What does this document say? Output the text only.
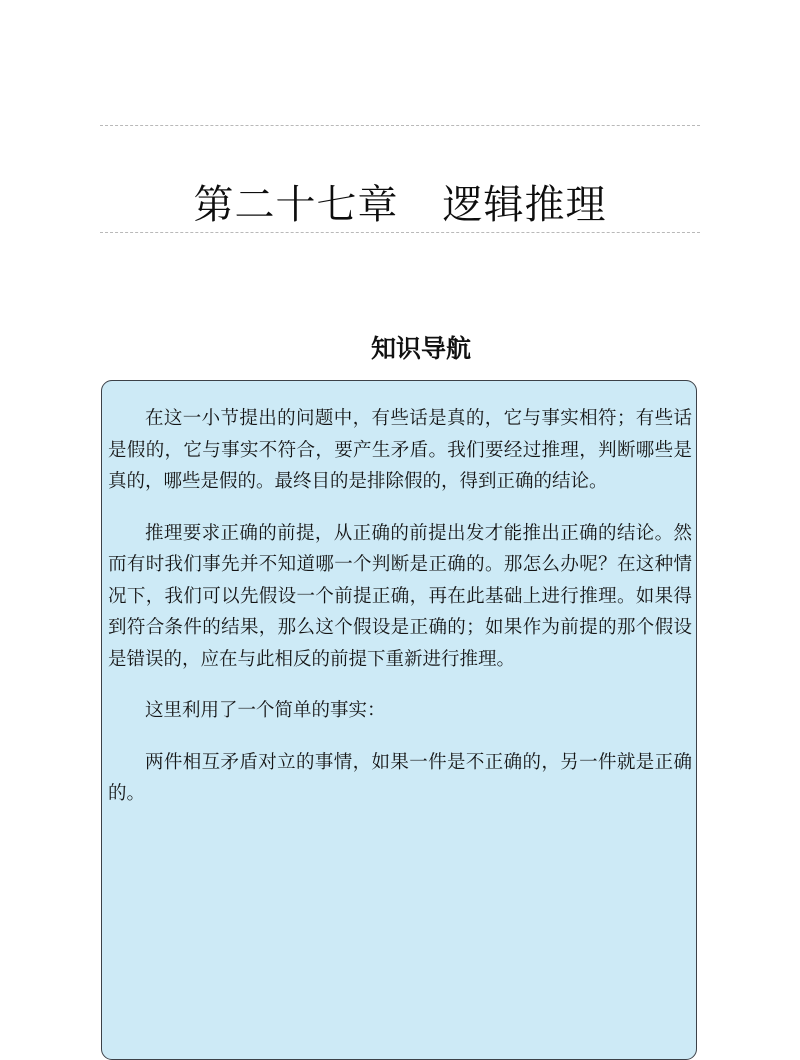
第二十七章 逻辑推理
知识导航

在这一小节提出的问题中，有些话是真的，它与事实相符；有些话是假的，它与事实不符合，要产生矛盾。我们要经过推理，判断哪些是真的，哪些是假的。最终目的是排除假的，得到正确的结论。

推理要求正确的前提，从正确的前提出发才能推出正确的结论。然而有时我们事先并不知道哪一个判断是正确的。那怎么办呢？在这种情况下，我们可以先假设一个前提正确，再在此基础上进行推理。如果得到符合条件的结果，那么这个假设是正确的；如果作为前提的那个假设是错误的，应在与此相反的前提下重新进行推理。

这里利用了一个简单的事实：

两件相互矛盾对立的事情，如果一件是不正确的，另一件就是正确的。
